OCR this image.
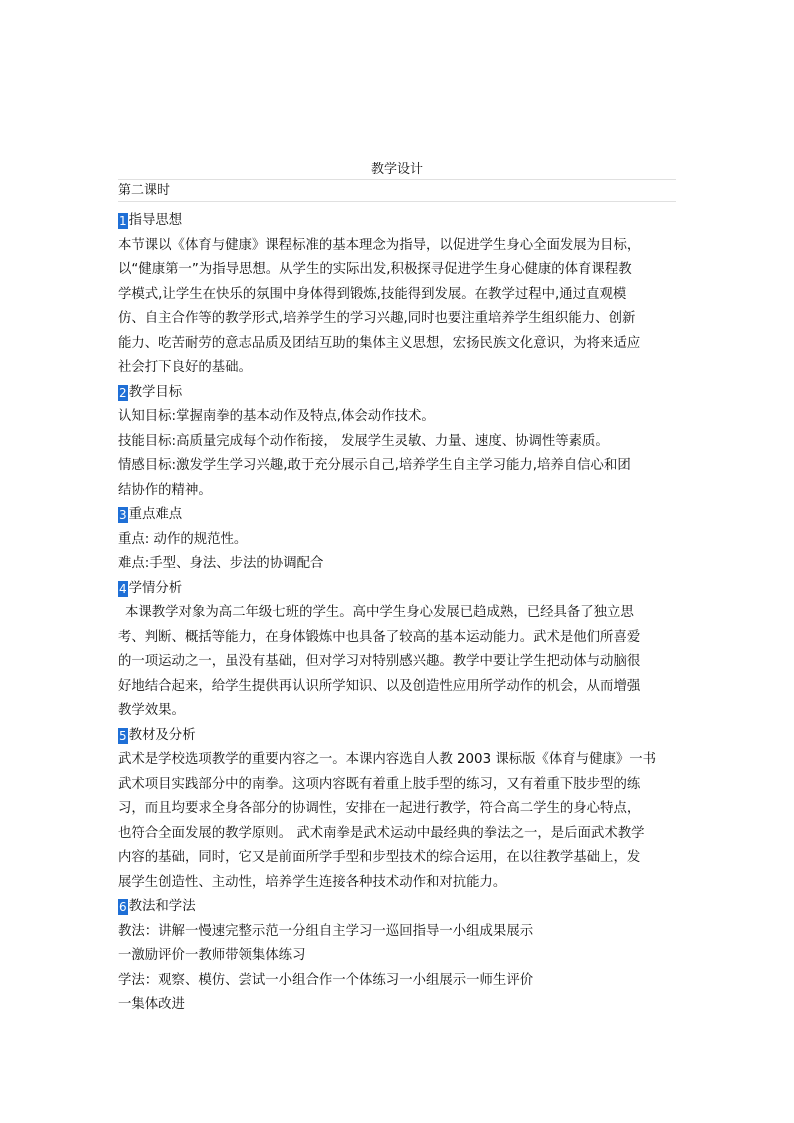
教学设计
第二课时

1 指导思想

本节课以《体育与健康》课程标准的基本理念为指导，以促进学生身心全面发展为目标，

以“健康第一”为指导思想。从学生的实际出发,积极探寻促进学生身心健康的体育课程教

学模式,让学生在快乐的氛围中身体得到锻炼,技能得到发展。在教学过程中,通过直观模

仿、自主合作等的教学形式,培养学生的学习兴趣,同时也要注重培养学生组织能力、创新

能力、吃苦耐劳的意志品质及团结互助的集体主义思想，宏扬民族文化意识，为将来适应

社会打下良好的基础。

2 教学目标

认知目标:掌握南拳的基本动作及特点,体会动作技术。

技能目标:高质量完成每个动作衔接， 发展学生灵敏、力量、速度、协调性等素质。

情感目标:激发学生学习兴趣,敢于充分展示自己,培养学生自主学习能力,培养自信心和团

结协作的精神。

3 重点难点

重点: 动作的规范性。

难点:手型、身法、步法的协调配合

4 学情分析

本课教学对象为高二年级七班的学生。高中学生身心发展已趋成熟，已经具备了独立思

考、判断、概括等能力，在身体锻炼中也具备了较高的基本运动能力。武术是他们所喜爱

的一项运动之一，虽没有基础，但对学习对特别感兴趣。教学中要让学生把动体与动脑很

好地结合起来，给学生提供再认识所学知识、以及创造性应用所学动作的机会，从而增强

教学效果。

5 教材及分析

武术是学校选项教学的重要内容之一。本课内容选自人教 2003 课标版《体育与健康》一书

武术项目实践部分中的南拳。这项内容既有着重上肢手型的练习，又有着重下肢步型的练

习，而且均要求全身各部分的协调性，安排在一起进行教学，符合高二学生的身心特点，

也符合全面发展的教学原则。 武术南拳是武术运动中最经典的拳法之一，是后面武术教学

内容的基础，同时，它又是前面所学手型和步型技术的综合运用，在以往教学基础上，发

展学生创造性、主动性，培养学生连接各种技术动作和对抗能力。

6 教法和学法

教法：讲解一慢速完整示范一分组自主学习一巡回指导一小组成果展示

一激励评价一教师带领集体练习

学法：观察、模仿、尝试一小组合作一个体练习一小组展示一师生评价

一集体改进
